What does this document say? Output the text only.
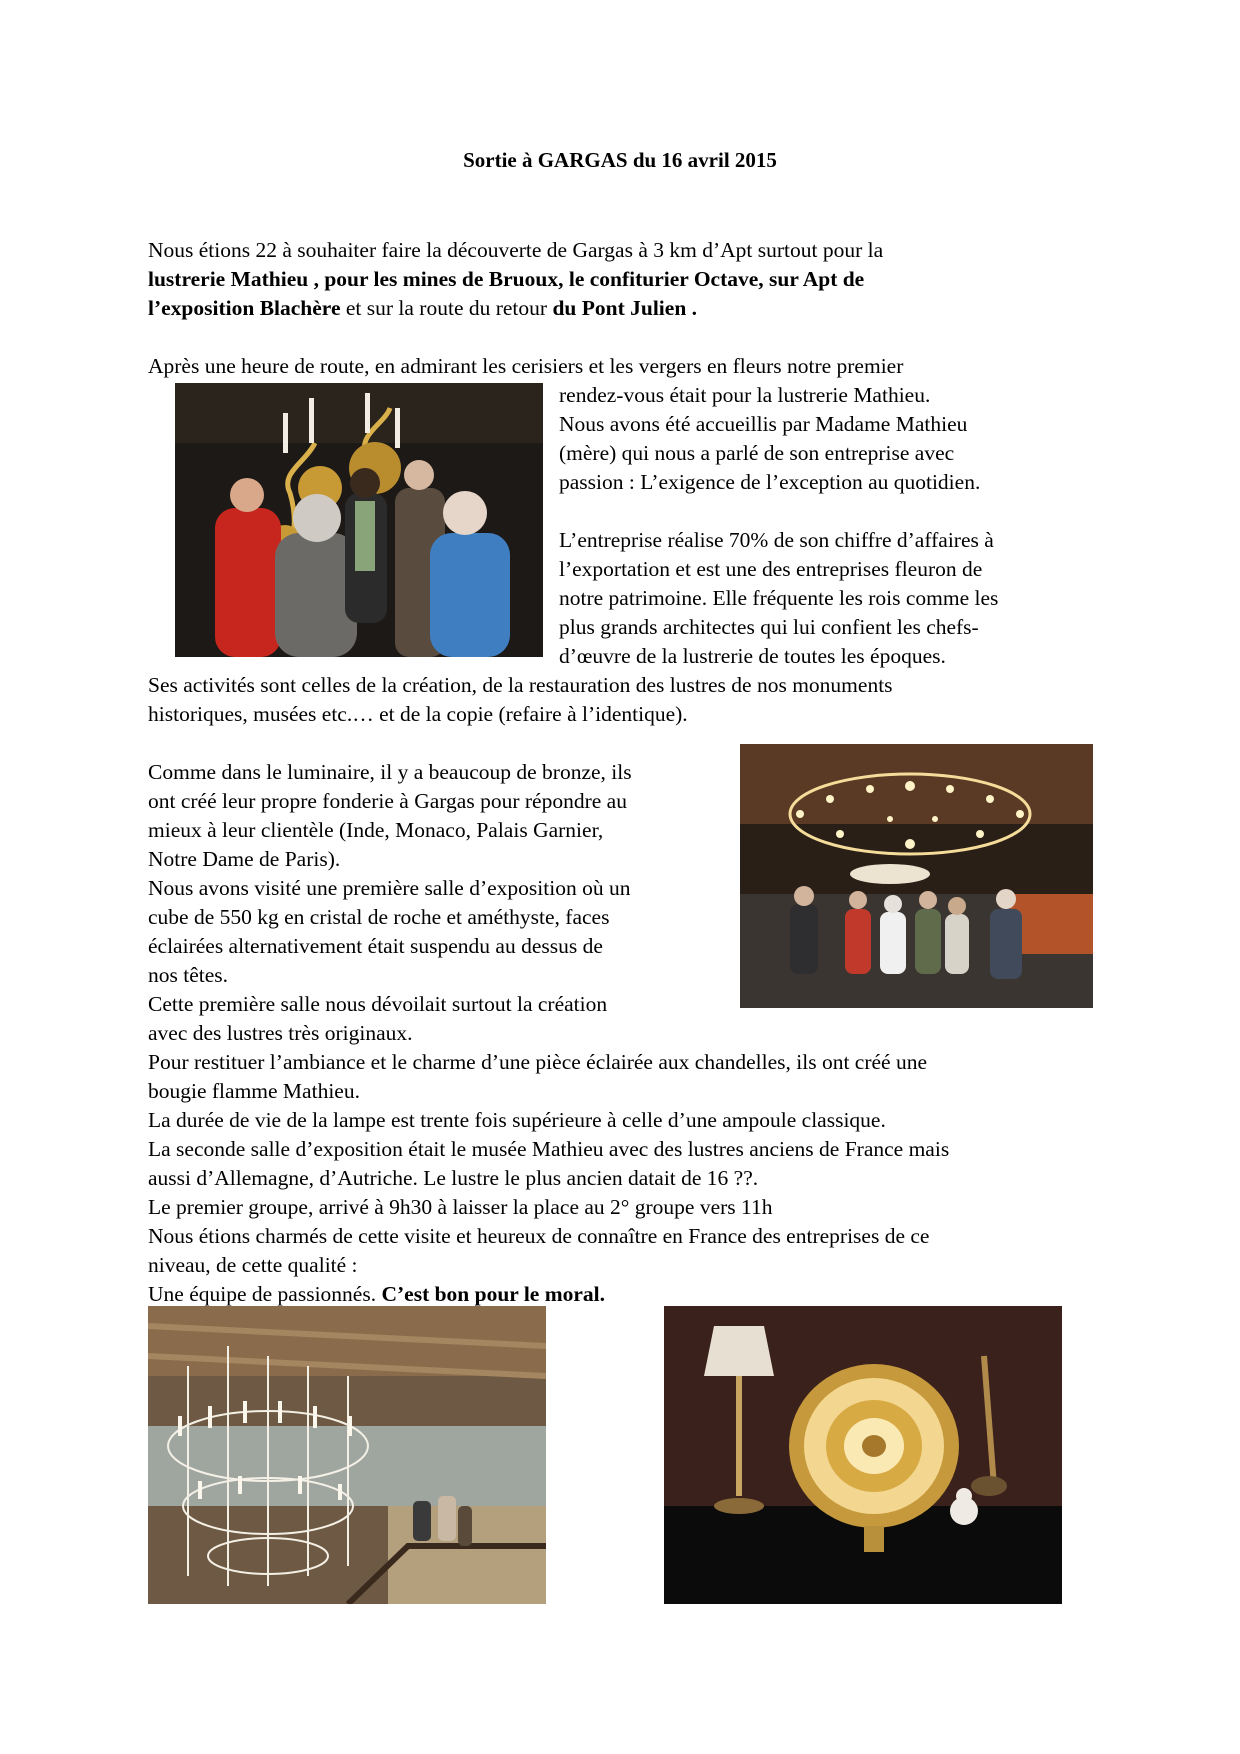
Sortie à GARGAS du 16 avril 2015
Nous étions 22 à souhaiter faire la découverte de Gargas à 3 km d’Apt surtout pour la
lustrerie Mathieu , pour les mines de Bruoux, le confiturier Octave, sur Apt de
l’exposition Blachère et sur la route du retour du Pont Julien .
Après une heure de route, en admirant les cerisiers et les vergers en fleurs notre premier
rendez-vous était pour la lustrerie Mathieu.
Nous avons été accueillis par Madame Mathieu
(mère) qui nous a parlé de son entreprise avec
passion : L’exigence de l’exception au quotidien.
L’entreprise réalise 70% de son chiffre d’affaires à
l’exportation et est une des entreprises fleuron de
notre patrimoine. Elle fréquente les rois comme les
plus grands architectes qui lui confient les chefs-
d’œuvre de la lustrerie de toutes les époques.
Ses activités sont celles de la création, de la restauration des lustres de nos monuments
historiques, musées etc.… et de la copie (refaire à l’identique).
Comme dans le luminaire, il y a beaucoup de bronze, ils
ont créé leur propre fonderie à Gargas pour répondre au
mieux à leur clientèle (Inde, Monaco, Palais Garnier,
Notre Dame de Paris).
Nous avons visité une première salle d’exposition où un
cube de 550 kg en cristal de roche et améthyste, faces
éclairées alternativement était suspendu au dessus de
nos têtes.
Cette première salle nous dévoilait surtout la création
avec des lustres très originaux.
Pour restituer l’ambiance et le charme d’une pièce éclairée aux chandelles, ils ont créé une
bougie flamme Mathieu.
La durée de vie de la lampe est trente fois supérieure à celle d’une ampoule classique.
La seconde salle d’exposition était le musée Mathieu avec des lustres anciens de France mais
aussi d’Allemagne, d’Autriche. Le lustre le plus ancien datait de 16 ??.
Le premier groupe, arrivé à 9h30 à laisser la place au 2° groupe vers 11h
Nous étions charmés de cette visite et heureux de connaître en France des entreprises de ce
niveau, de cette qualité :
Une équipe de passionnés. C’est bon pour le moral.
